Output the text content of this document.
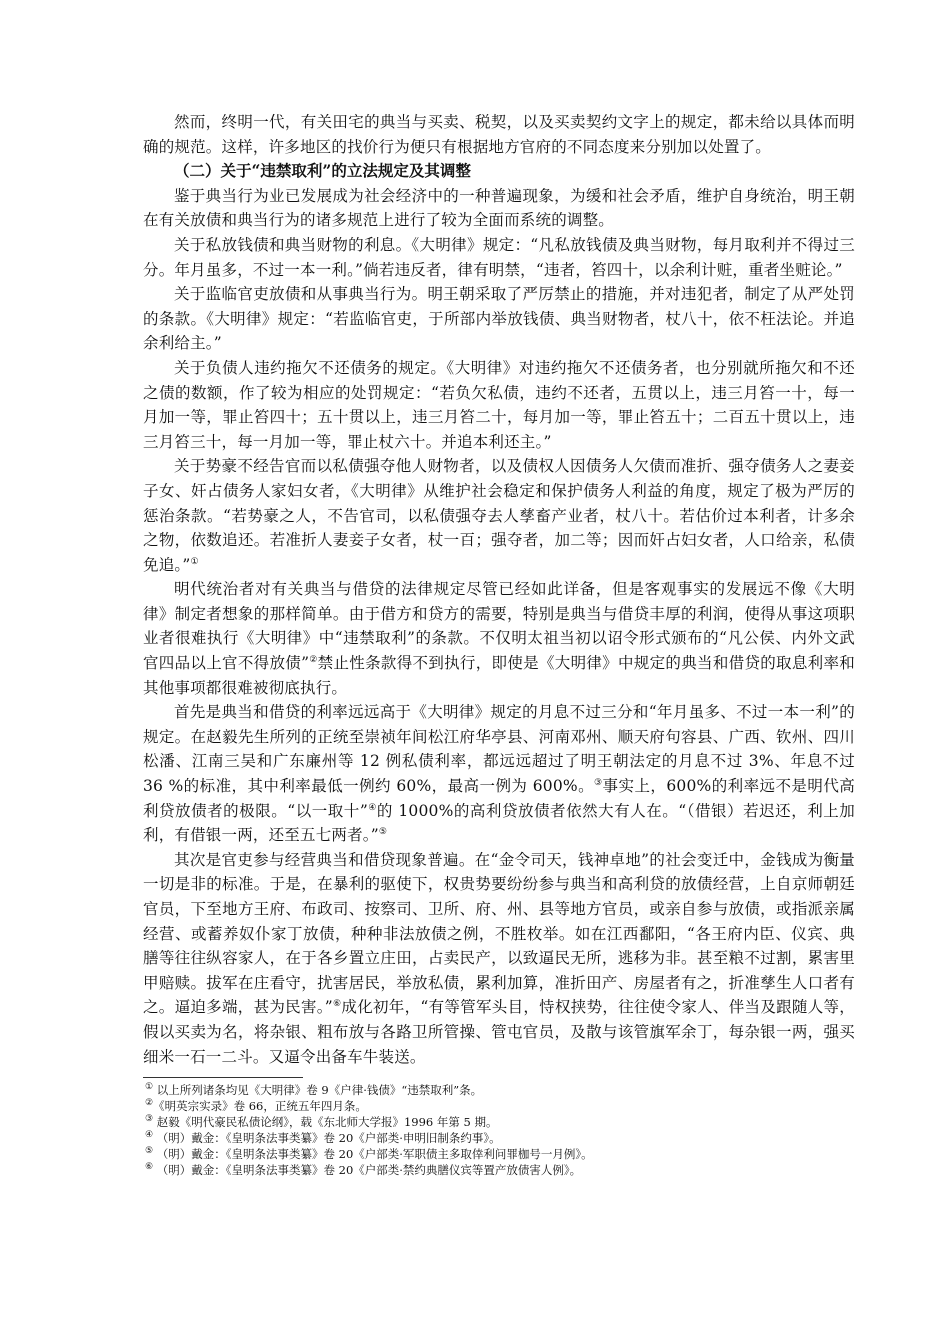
然而，终明一代，有关田宅的典当与买卖、税契，以及买卖契约文字上的规定，都未给以具体而明确的规范。这样，许多地区的找价行为便只有根据地方官府的不同态度来分别加以处置了。

（二）关于“违禁取利”的立法规定及其调整

鉴于典当行为业已发展成为社会经济中的一种普遍现象，为缓和社会矛盾，维护自身统治，明王朝在有关放债和典当行为的诸多规范上进行了较为全面而系统的调整。

关于私放钱债和典当财物的利息。《大明律》规定：“凡私放钱债及典当财物，每月取利并不得过三分。年月虽多，不过一本一利。”倘若违反者，律有明禁，“违者，笞四十，以余利计赃，重者坐赃论。”

关于监临官吏放债和从事典当行为。明王朝采取了严厉禁止的措施，并对违犯者，制定了从严处罚的条款。《大明律》规定：“若监临官吏，于所部内举放钱债、典当财物者，杖八十，依不枉法论。并追余利给主。”

关于负债人违约拖欠不还债务的规定。《大明律》对违约拖欠不还债务者，也分别就所拖欠和不还之债的数额，作了较为相应的处罚规定：“若负欠私债，违约不还者，五贯以上，违三月笞一十，每一月加一等，罪止笞四十；五十贯以上，违三月笞二十，每月加一等，罪止笞五十；二百五十贯以上，违三月笞三十，每一月加一等，罪止杖六十。并追本利还主。”

关于势豪不经告官而以私债强夺他人财物者，以及债权人因债务人欠债而准折、强夺债务人之妻妾子女、奸占债务人家妇女者，《大明律》从维护社会稳定和保护债务人利益的角度，规定了极为严厉的惩治条款。“若势豪之人，不告官司，以私债强夺去人孳畜产业者，杖八十。若估价过本利者，计多余之物，依数追还。若准折人妻妾子女者，杖一百；强夺者，加二等；因而奸占妇女者，人口给亲，私债免追。”①

明代统治者对有关典当与借贷的法律规定尽管已经如此详备，但是客观事实的发展远不像《大明律》制定者想象的那样简单。由于借方和贷方的需要，特别是典当与借贷丰厚的利润，使得从事这项职业者很难执行《大明律》中“违禁取利”的条款。不仅明太祖当初以诏令形式颁布的“凡公侯、内外文武官四品以上官不得放债”②禁止性条款得不到执行，即使是《大明律》中规定的典当和借贷的取息利率和其他事项都很难被彻底执行。

首先是典当和借贷的利率远远高于《大明律》规定的月息不过三分和“年月虽多、不过一本一利”的规定。在赵毅先生所列的正统至崇祯年间松江府华亭县、河南邓州、顺天府句容县、广西、钦州、四川松潘、江南三吴和广东廉州等 12 例私债利率，都远远超过了明王朝法定的月息不过 3%、年息不过 36 %的标准，其中利率最低一例约 60%，最高一例为 600%。③事实上，600%的利率远不是明代高利贷放债者的极限。“以一取十”④的 1000%的高利贷放债者依然大有人在。“（借银）若迟还，利上加利，有借银一两，还至五七两者。”⑤

其次是官吏参与经营典当和借贷现象普遍。在“金令司天，钱神卓地”的社会变迁中，金钱成为衡量一切是非的标准。于是，在暴利的驱使下，权贵势要纷纷参与典当和高利贷的放债经营，上自京师朝廷官员，下至地方王府、布政司、按察司、卫所、府、州、县等地方官员，或亲自参与放债，或指派亲属经营、或蓄养奴仆家丁放债，种种非法放债之例，不胜枚举。如在江西鄱阳，“各王府内臣、仪宾、典膳等往往纵容家人，在于各乡置立庄田，占卖民产，以致逼民无所，逃移为非。甚至粮不过割，累害里甲赔赎。拔军在庄看守，扰害居民，举放私债，累利加算，准折田产、房屋者有之，折准孳生人口者有之。逼迫多端，甚为民害。”⑥成化初年，“有等管军头目，恃权挟势，往往使令家人、伴当及跟随人等，假以买卖为名，将杂银、粗布放与各路卫所管操、管屯官员，及散与该管旗军余丁，每杂银一两，强买细米一石一二斗。又逼令出备车牛装送。

① 以上所列诸条均见《大明律》卷 9《户律·钱债》“违禁取利”条。

②《明英宗实录》卷 66，正统五年四月条。

③ 赵毅《明代豪民私债论纲》，载《东北师大学报》1996 年第 5 期。

④ （明）戴金：《皇明条法事类纂》卷 20《户部类·申明旧制条约事》。

⑤ （明）戴金：《皇明条法事类纂》卷 20《户部类·军职债主多取倖利问罪枷号一月例》。

⑥ （明）戴金：《皇明条法事类纂》卷 20《户部类·禁约典膳仪宾等置产放债害人例》。
